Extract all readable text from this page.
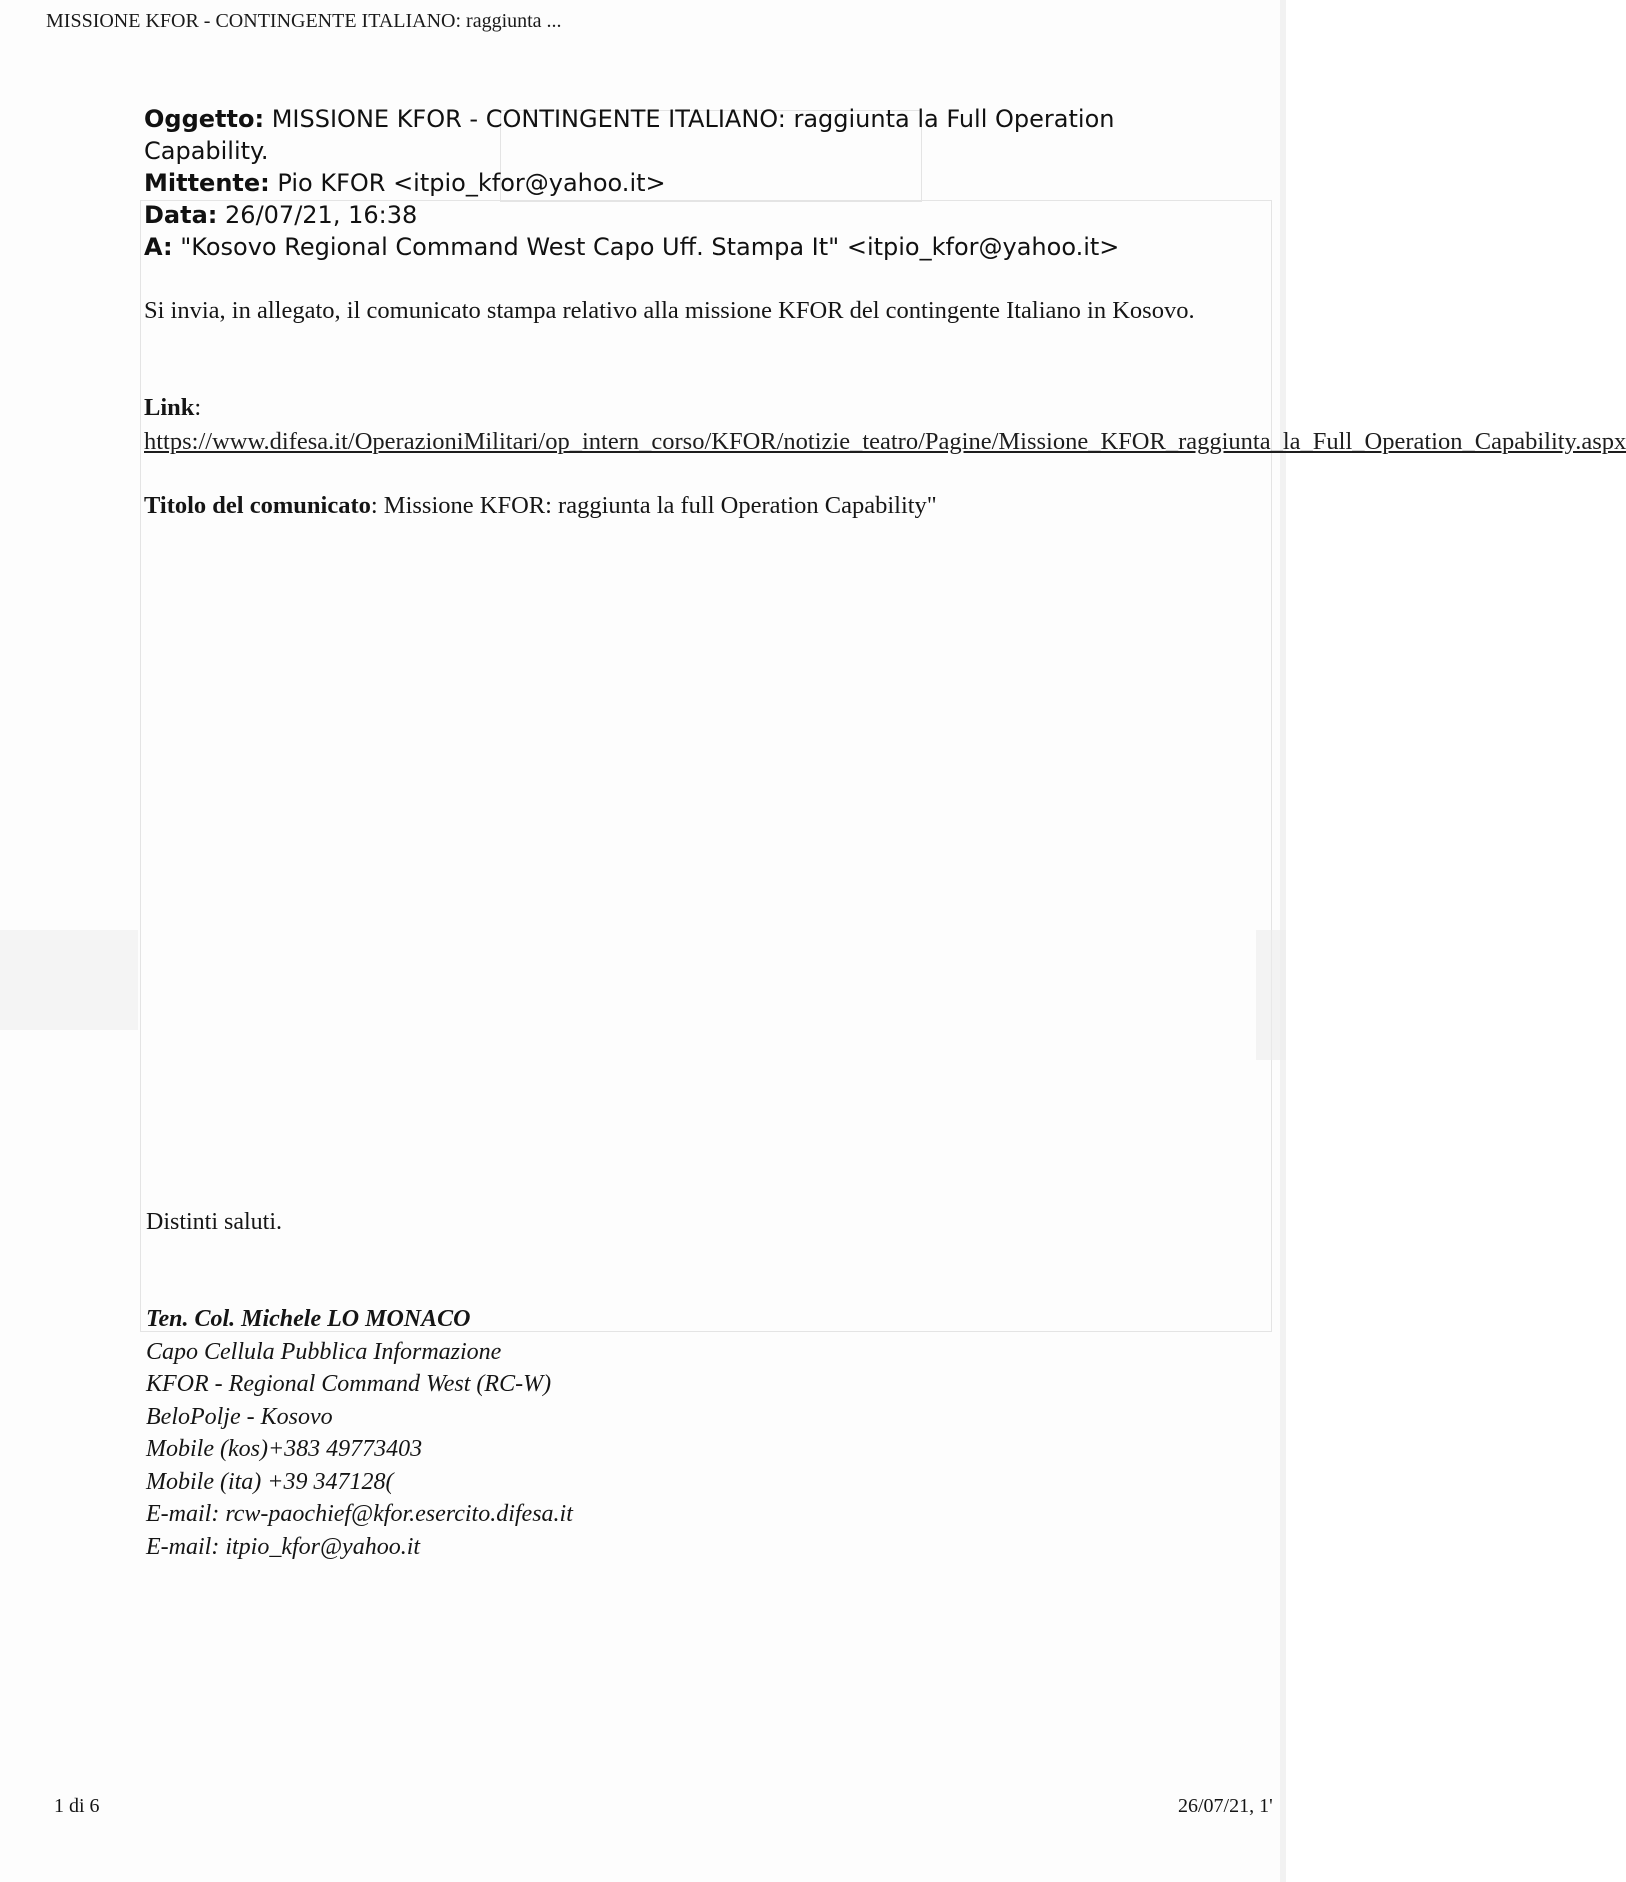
MISSIONE KFOR - CONTINGENTE ITALIANO: raggiunta ...
Oggetto: MISSIONE KFOR - CONTINGENTE ITALIANO: raggiunta la Full Operation Capability.
Mittente: Pio KFOR <itpio_kfor@yahoo.it>
Data: 26/07/21, 16:38
A: "Kosovo Regional Command West Capo Uff. Stampa It" <itpio_kfor@yahoo.it>
Si invia, in allegato, il comunicato stampa relativo alla missione KFOR del contingente Italiano in Kosovo.
Link: https://www.difesa.it/OperazioniMilitari/op_intern_corso/KFOR/notizie_teatro/Pagine/Missione_KFOR_raggiunta_la_Full_Operation_Capability.aspx
Titolo del comunicato: Missione KFOR: raggiunta la full Operation Capability"
Distinti saluti.
Ten. Col. Michele LO MONACO
Capo Cellula Pubblica Informazione
KFOR - Regional Command West (RC-W)
BeloPolje - Kosovo
Mobile (kos)+383 49773403
Mobile (ita) +39 347128(
E-mail: rcw-paochief@kfor.esercito.difesa.it
E-mail: itpio_kfor@yahoo.it
1 di 6	26/07/21, 1'
